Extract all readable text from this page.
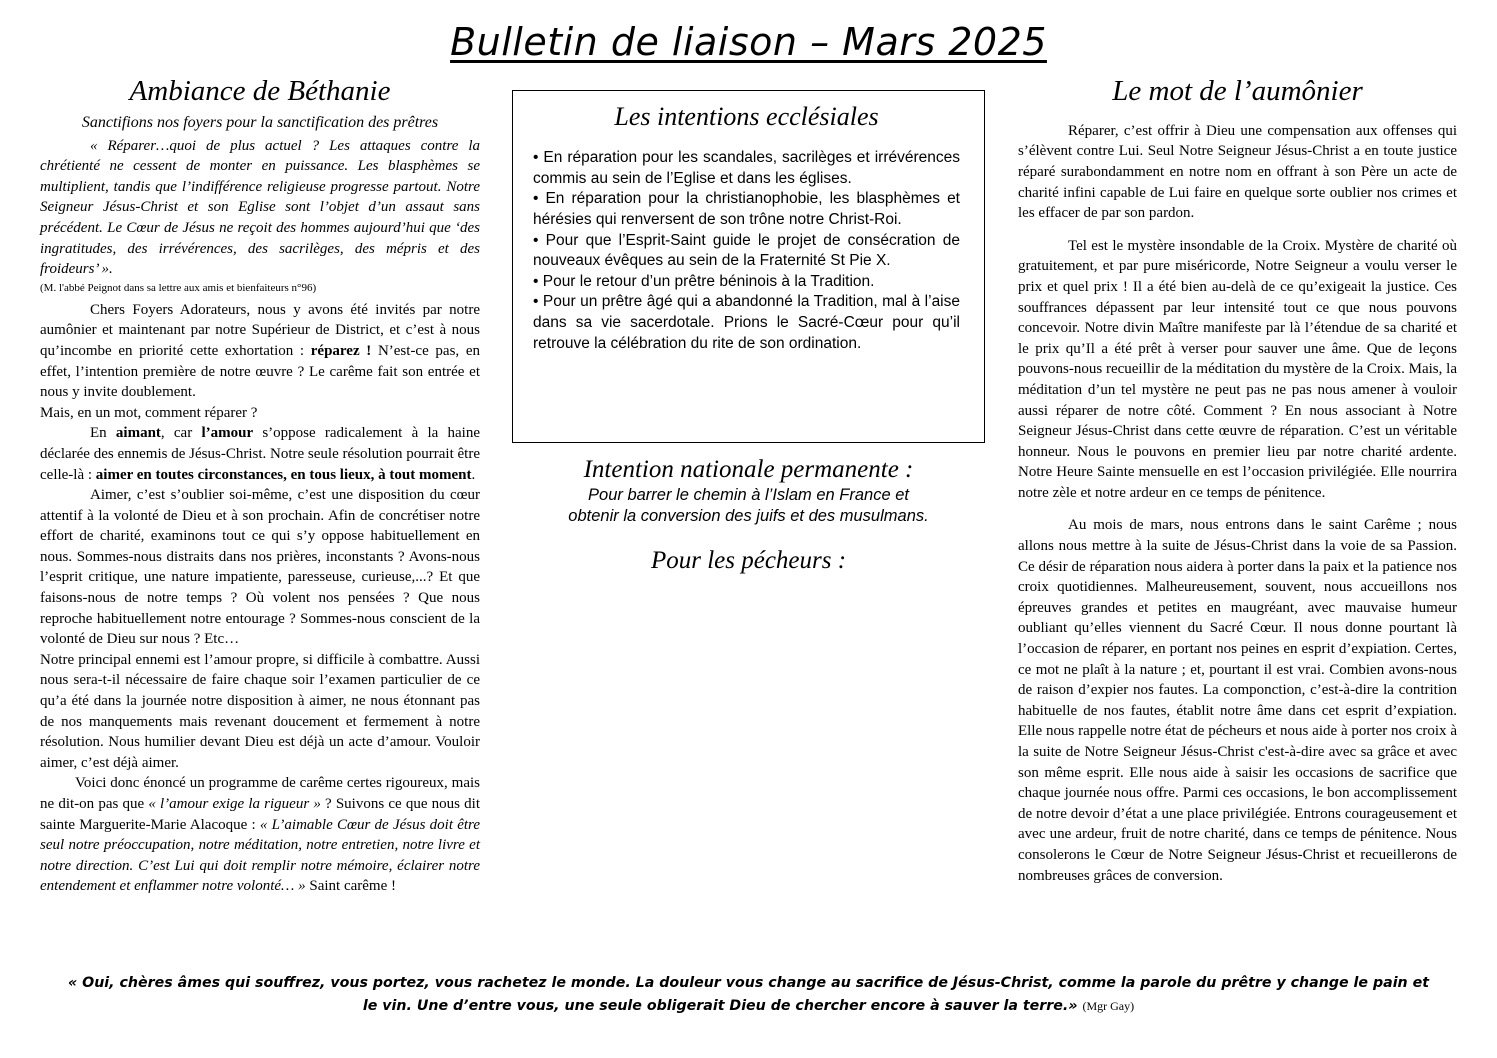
Bulletin de liaison – Mars 2025
Ambiance de Béthanie
Sanctifions nos foyers pour la sanctification des prêtres

« Réparer…quoi de plus actuel ? Les attaques contre la chrétienté ne cessent de monter en puissance. Les blasphèmes se multiplient, tandis que l’indifférence religieuse progresse partout. Notre Seigneur Jésus-Christ et son Eglise sont l’objet d’un assaut sans précédent. Le Cœur de Jésus ne reçoit des hommes aujourd’hui que ‘des ingratitudes, des irrévérences, des sacrilèges, des mépris et des froideurs’ ».

(M. l'abbé Peignot dans sa lettre aux amis et bienfaiteurs n°96)

Chers Foyers Adorateurs, nous y avons été invités par notre aumônier et maintenant par notre Supérieur de District, et c’est à nous qu’incombe en priorité cette exhortation : réparez ! N’est-ce pas, en effet, l’intention première de notre œuvre ? Le carême fait son entrée et nous y invite doublement.

Mais, en un mot, comment réparer ?

En aimant, car l’amour s’oppose radicalement à la haine déclarée des ennemis de Jésus-Christ. Notre seule résolution pourrait être celle-là : aimer en toutes circonstances, en tous lieux, à tout moment.

Aimer, c’est s’oublier soi-même, c’est une disposition du cœur attentif à la volonté de Dieu et à son prochain. Afin de concrétiser notre effort de charité, examinons tout ce qui s’y oppose habituellement en nous. Sommes-nous distraits dans nos prières, inconstants ? Avons-nous l’esprit critique, une nature impatiente, paresseuse, curieuse,...? Et que faisons-nous de notre temps ? Où volent nos pensées ? Que nous reproche habituellement notre entourage ? Sommes-nous conscient de la volonté de Dieu sur nous ? Etc…

Notre principal ennemi est l’amour propre, si difficile à combattre. Aussi nous sera-t-il nécessaire de faire chaque soir l’examen particulier de ce qu’a été dans la journée notre disposition à aimer, ne nous étonnant pas de nos manquements mais revenant doucement et fermement à notre résolution. Nous humilier devant Dieu est déjà un acte d’amour. Vouloir aimer, c’est déjà aimer.

Voici donc énoncé un programme de carême certes rigoureux, mais ne dit-on pas que « l’amour exige la rigueur » ? Suivons ce que nous dit sainte Marguerite-Marie Alacoque : « L’aimable Cœur de Jésus doit être seul notre préoccupation, notre méditation, notre entretien, notre livre et notre direction. C’est Lui qui doit remplir notre mémoire, éclairer notre entendement et enflammer notre volonté… » Saint carême !

Les intentions ecclésiales
• En réparation pour les scandales, sacrilèges et irrévérences commis au sein de l’Eglise et dans les églises.
• En réparation pour la christianophobie, les blasphèmes et hérésies qui renversent de son trône notre Christ-Roi.
• Pour que l’Esprit-Saint guide le projet de consécration de nouveaux évêques au sein de la Fraternité St Pie X.
• Pour le retour d’un prêtre béninois à la Tradition.
• Pour un prêtre âgé qui a abandonné la Tradition, mal à l’aise dans sa vie sacerdotale. Prions le Sacré-Cœur pour qu’il retrouve la célébration du rite de son ordination.
Intention nationale permanente :
Pour barrer le chemin à l’Islam en France et
obtenir la conversion des juifs et des musulmans.
Pour les pécheurs :
Le mot de l’aumônier

Réparer, c’est offrir à Dieu une compensation aux offenses qui s’élèvent contre Lui. Seul Notre Seigneur Jésus-Christ a en toute justice réparé surabondamment en notre nom en offrant à son Père un acte de charité infini capable de Lui faire en quelque sorte oublier nos crimes et les effacer de par son pardon.

Tel est le mystère insondable de la Croix. Mystère de charité où gratuitement, et par pure miséricorde, Notre Seigneur a voulu verser le prix et quel prix ! Il a été bien au-delà de ce qu’exigeait la justice. Ces souffrances dépassent par leur intensité tout ce que nous pouvons concevoir. Notre divin Maître manifeste par là l’étendue de sa charité et le prix qu’Il a été prêt à verser pour sauver une âme. Que de leçons pouvons-nous recueillir de la méditation du mystère de la Croix. Mais, la méditation d’un tel mystère ne peut pas ne pas nous amener à vouloir aussi réparer de notre côté. Comment ? En nous associant à Notre Seigneur Jésus-Christ dans cette œuvre de réparation. C’est un véritable honneur. Nous le pouvons en premier lieu par notre charité ardente. Notre Heure Sainte mensuelle en est l’occasion privilégiée. Elle nourrira notre zèle et notre ardeur en ce temps de pénitence.

Au mois de mars, nous entrons dans le saint Carême ; nous allons nous mettre à la suite de Jésus-Christ dans la voie de sa Passion. Ce désir de réparation nous aidera à porter dans la paix et la patience nos croix quotidiennes. Malheureusement, souvent, nous accueillons nos épreuves grandes et petites en maugréant, avec mauvaise humeur oubliant qu’elles viennent du Sacré Cœur. Il nous donne pourtant là l’occasion de réparer, en portant nos peines en esprit d’expiation. Certes, ce mot ne plaît à la nature ; et, pourtant il est vrai. Combien avons-nous de raison d’expier nos fautes. La componction, c’est-à-dire la contrition habituelle de nos fautes, établit notre âme dans cet esprit d’expiation. Elle nous rappelle notre état de pécheurs et nous aide à porter nos croix à la suite de Notre Seigneur Jésus-Christ c'est-à-dire avec sa grâce et avec son même esprit. Elle nous aide à saisir les occasions de sacrifice que chaque journée nous offre. Parmi ces occasions, le bon accomplissement de notre devoir d’état a une place privilégiée. Entrons courageusement et avec une ardeur, fruit de notre charité, dans ce temps de pénitence. Nous consolerons le Cœur de Notre Seigneur Jésus-Christ et recueillerons de nombreuses grâces de conversion.

« Oui, chères âmes qui souffrez, vous portez, vous rachetez le monde. La douleur vous change au sacrifice de Jésus-Christ, comme la parole du prêtre y change le pain et le vin. Une d’entre vous, une seule obligerait Dieu de chercher encore à sauver la terre.» (Mgr Gay)
